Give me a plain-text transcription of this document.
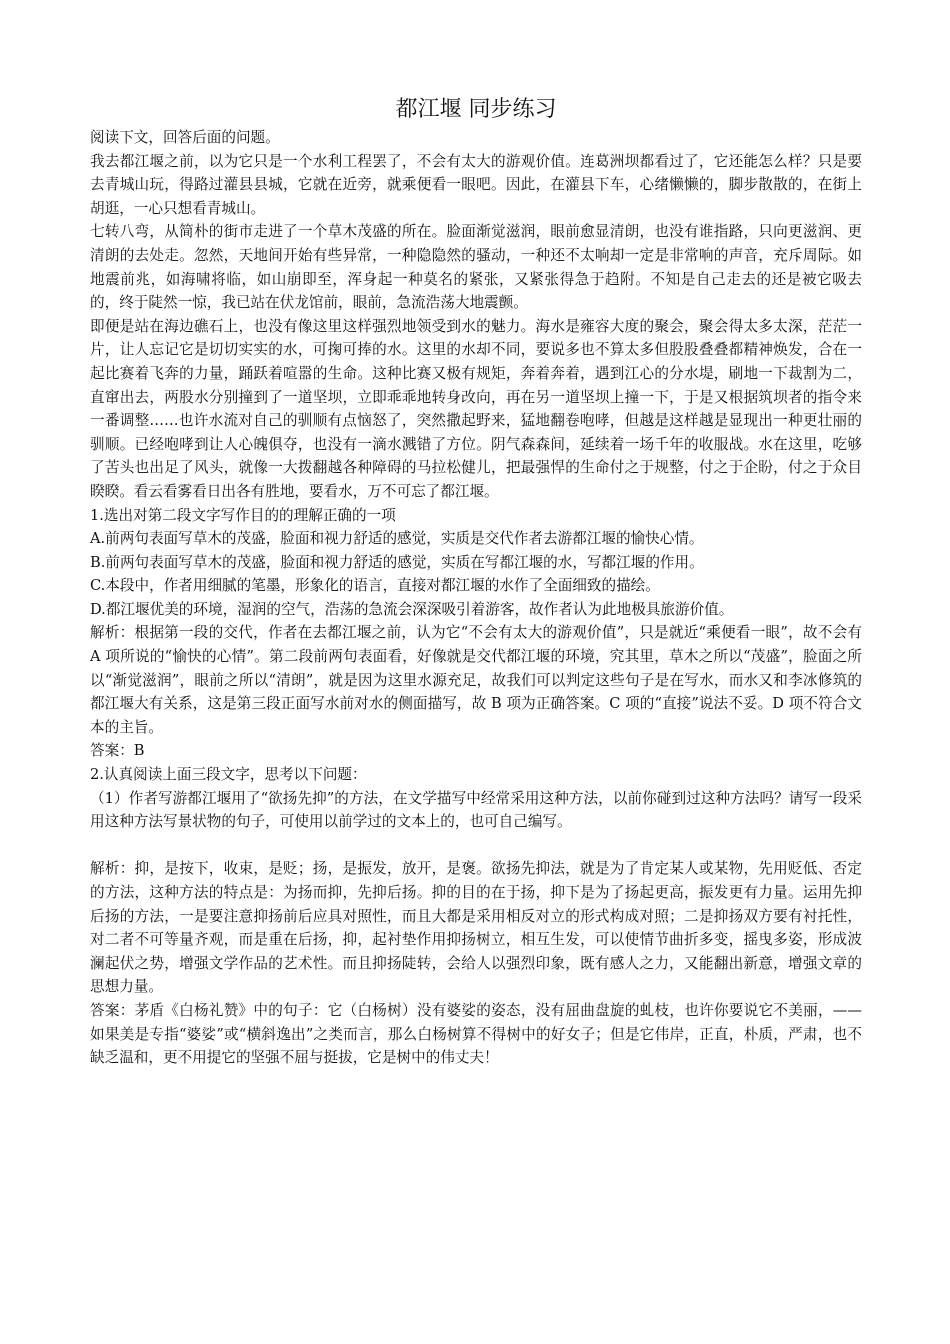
都江堰 同步练习

阅读下文，回答后面的问题。

我去都江堰之前，以为它只是一个水利工程罢了，不会有太大的游观价值。连葛洲坝都看过了，它还能怎么样？只是要去青城山玩，得路过灌县县城，它就在近旁，就乘便看一眼吧。因此，在灌县下车，心绪懒懒的，脚步散散的，在街上胡逛，一心只想看青城山。

七转八弯，从简朴的街市走进了一个草木茂盛的所在。脸面渐觉滋润，眼前愈显清朗，也没有谁指路，只向更滋润、更清朗的去处走。忽然，天地间开始有些异常，一种隐隐然的骚动，一种还不太响却一定是非常响的声音，充斥周际。如地震前兆，如海啸将临，如山崩即至，浑身起一种莫名的紧张，又紧张得急于趋附。不知是自己走去的还是被它吸去的，终于陡然一惊，我已站在伏龙馆前，眼前，急流浩荡大地震颤。

即便是站在海边礁石上，也没有像这里这样强烈地领受到水的魅力。海水是雍容大度的聚会，聚会得太多太深，茫茫一片，让人忘记它是切切实实的水，可掬可捧的水。这里的水却不同，要说多也不算太多但股股叠叠都精神焕发，合在一起比赛着飞奔的力量，踊跃着喧嚣的生命。这种比赛又极有规矩，奔着奔着，遇到江心的分水堤，刷地一下裁割为二，直窜出去，两股水分别撞到了一道坚坝，立即乖乖地转身改向，再在另一道坚坝上撞一下，于是又根据筑坝者的指令来一番调整……也许水流对自己的驯顺有点恼怒了，突然撒起野来，猛地翻卷咆哮，但越是这样越是显现出一种更壮丽的驯顺。已经咆哮到让人心魄俱夺，也没有一滴水溅错了方位。阴气森森间，延续着一场千年的收服战。水在这里，吃够了苦头也出足了风头，就像一大拨翻越各种障碍的马拉松健儿，把最强悍的生命付之于规整，付之于企盼，付之于众目睽睽。看云看雾看日出各有胜地，要看水，万不可忘了都江堰。

1.选出对第二段文字写作目的的理解正确的一项

A.前两句表面写草木的茂盛，脸面和视力舒适的感觉，实质是交代作者去游都江堰的愉快心情。

B.前两句表面写草木的茂盛，脸面和视力舒适的感觉，实质在写都江堰的水，写都江堰的作用。

C.本段中，作者用细腻的笔墨，形象化的语言，直接对都江堰的水作了全面细致的描绘。

D.都江堰优美的环境，湿润的空气，浩荡的急流会深深吸引着游客，故作者认为此地极具旅游价值。

解析：根据第一段的交代，作者在去都江堰之前，认为它“不会有太大的游观价值”，只是就近“乘便看一眼”，故不会有 A 项所说的“愉快的心情”。第二段前两句表面看，好像就是交代都江堰的环境，究其里，草木之所以“茂盛”，脸面之所以“渐觉滋润”，眼前之所以“清朗”，就是因为这里水源充足，故我们可以判定这些句子是在写水，而水又和李冰修筑的都江堰大有关系，这是第三段正面写水前对水的侧面描写，故 B 项为正确答案。C 项的“直接”说法不妥。D 项不符合文本的主旨。

答案：B

2.认真阅读上面三段文字，思考以下问题：

（1）作者写游都江堰用了“欲扬先抑”的方法，在文学描写中经常采用这种方法，以前你碰到过这种方法吗？请写一段采用这种方法写景状物的句子，可使用以前学过的文本上的，也可自己编写。

解析：抑，是按下，收束，是贬；扬，是振发，放开，是褒。欲扬先抑法，就是为了肯定某人或某物，先用贬低、否定的方法，这种方法的特点是：为扬而抑，先抑后扬。抑的目的在于扬，抑下是为了扬起更高，振发更有力量。运用先抑后扬的方法，一是要注意抑扬前后应具对照性，而且大都是采用相反对立的形式构成对照；二是抑扬双方要有衬托性，对二者不可等量齐观，而是重在后扬，抑，起衬垫作用抑扬树立，相互生发，可以使情节曲折多变，摇曳多姿，形成波澜起伏之势，增强文学作品的艺术性。而且抑扬陡转，会给人以强烈印象，既有感人之力，又能翻出新意，增强文章的思想力量。

答案：茅盾《白杨礼赞》中的句子：它（白杨树）没有婆娑的姿态，没有屈曲盘旋的虬枝，也许你要说它不美丽，——如果美是专指“婆娑”或“横斜逸出”之类而言，那么白杨树算不得树中的好女子；但是它伟岸，正直，朴质，严肃，也不缺乏温和，更不用提它的坚强不屈与挺拔，它是树中的伟丈夫！
